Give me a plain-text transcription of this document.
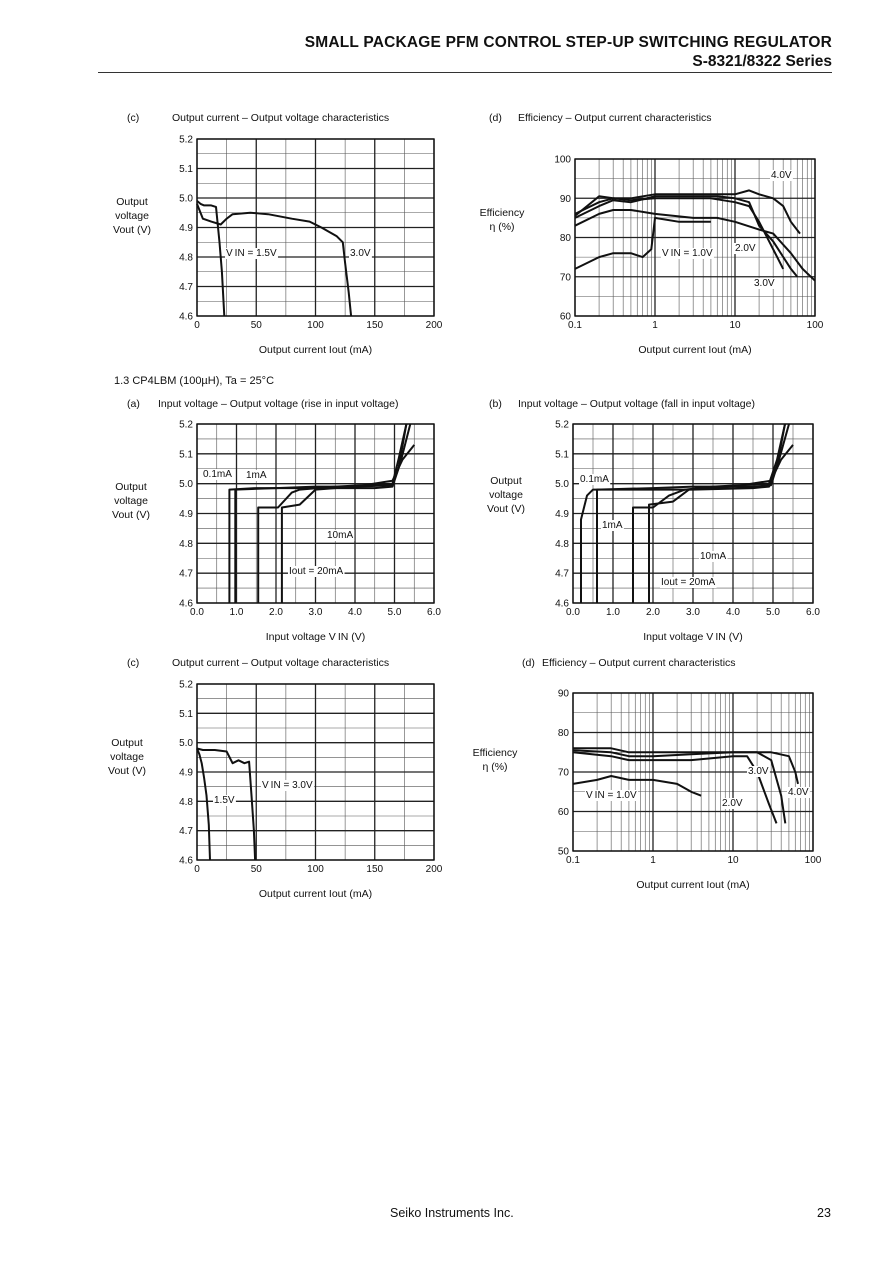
SMALL PACKAGE PFM CONTROL STEP-UP SWITCHING REGULATOR
S-8321/8322 Series
1.3 CP4LBM (100µH), Ta = 25°C
Seiko Instruments Inc.	23
0	50	100	150	200
4.6
4.7
4.8
4.9
5.0
5.1
5.2
(c)	Output current – Output voltage characteristics
Output
voltage
Vout (V)
Output current Iout (mA)
V IN = 1.5V	3.0V
0.1	1	10	100
60
70
80
90
100
(d) Efficiency – Output current characteristics
Efficiency
η (%)
Output current Iout (mA)
4.0V
2.0V
3.0V
V IN = 1.0V
0.0	1.0	2.0	3.0	4.0	5.0	6.0
4.6
4.7
4.8
4.9
5.0
5.1
5.2
(a) Input voltage – Output voltage (rise in input voltage)
Output
voltage
Vout (V)
Input voltage V IN (V)
0.1mA 1mA
10mA
Iout = 20mA
0.0	1.0	2.0	3.0	4.0	5.0	6.0
4.6
4.7
4.8
4.9
5.0
5.1
5.2
(b) Input voltage – Output voltage (fall in input voltage)
Output
voltage
Vout (V)
Input voltage V IN (V)
0.1mA
1mA
10mA
Iout = 20mA
0	50	100	150	200
4.6
4.7
4.8
4.9
5.0
5.1
5.2
(c)	Output current – Output voltage characteristics
Output
voltage
Vout (V)
Output current Iout (mA)
1.5V
V IN = 3.0V
0.1	1	10	100
50
60
70
80
90
(d) Efficiency – Output current characteristics
Efficiency
η (%)
Output current Iout (mA)
V IN = 1.0V
3.0V
2.0V
4.0V
